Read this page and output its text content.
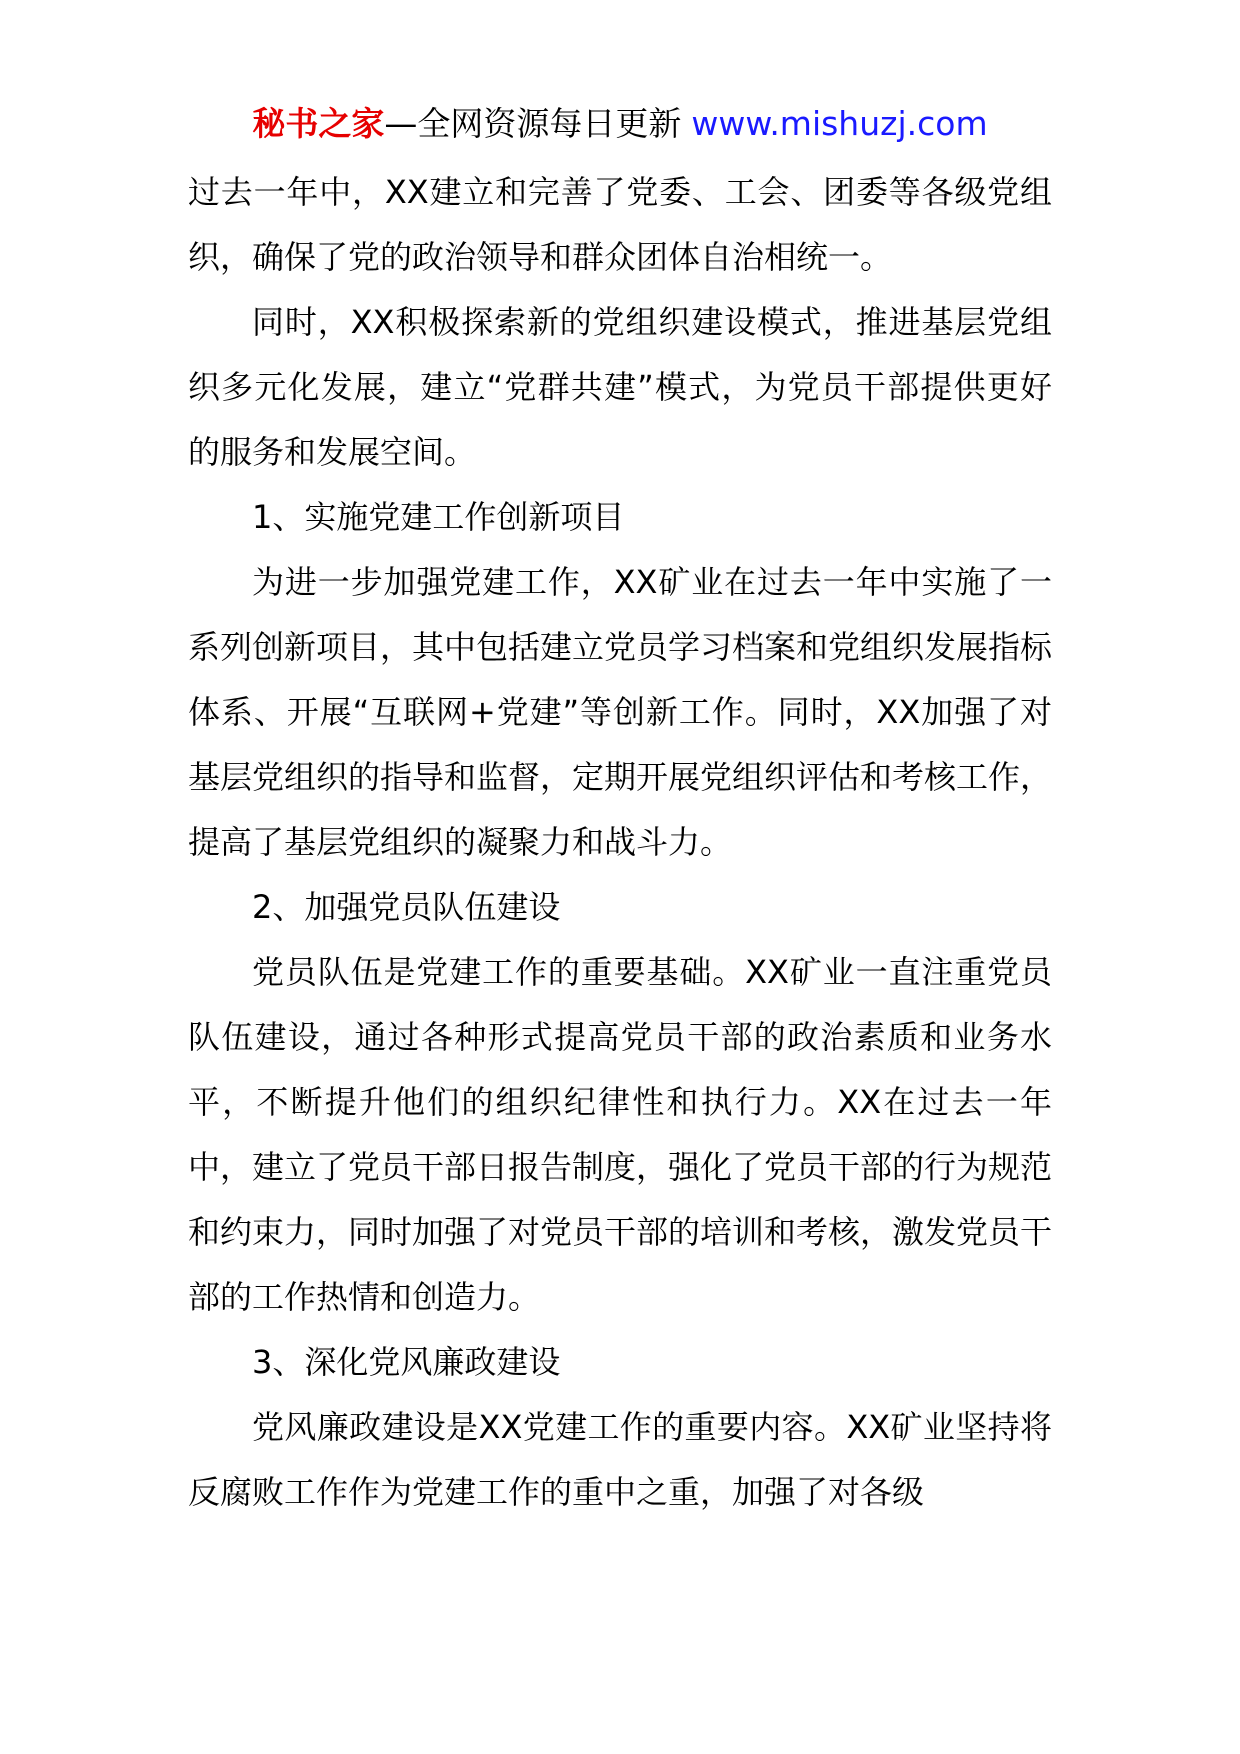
秘书之家—全网资源每日更新 www.mishuzj.com

过去一年中，XX建立和完善了党委、工会、团委等各级党组织，确保了党的政治领导和群众团体自治相统一。

同时，XX积极探索新的党组织建设模式，推进基层党组织多元化发展，建立“党群共建”模式，为党员干部提供更好的服务和发展空间。

1、实施党建工作创新项目

为进一步加强党建工作，XX矿业在过去一年中实施了一系列创新项目，其中包括建立党员学习档案和党组织发展指标体系、开展“互联网+党建”等创新工作。同时，XX加强了对基层党组织的指导和监督，定期开展党组织评估和考核工作，提高了基层党组织的凝聚力和战斗力。

2、加强党员队伍建设

党员队伍是党建工作的重要基础。XX矿业一直注重党员队伍建设，通过各种形式提高党员干部的政治素质和业务水平，不断提升他们的组织纪律性和执行力。XX在过去一年中，建立了党员干部日报告制度，强化了党员干部的行为规范和约束力，同时加强了对党员干部的培训和考核，激发党员干部的工作热情和创造力。

3、深化党风廉政建设

党风廉政建设是XX党建工作的重要内容。XX矿业坚持将反腐败工作作为党建工作的重中之重，加强了对各级
